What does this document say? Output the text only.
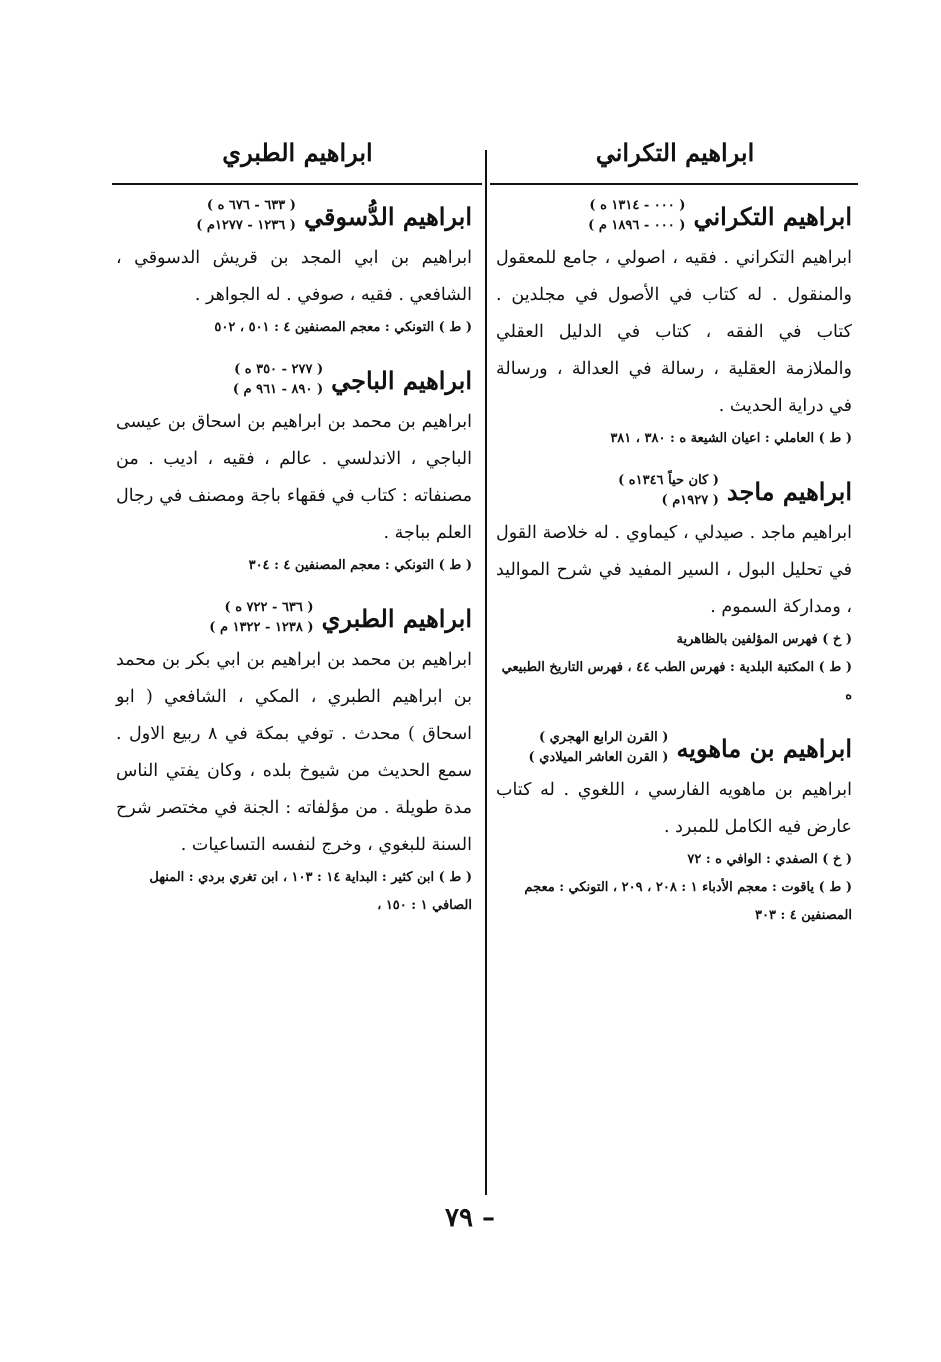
ابراهيم التكراني
ابراهيم الطبري
ابراهيم التكراني
( ٠٠٠ - ١٣١٤ ه )
( ٠٠٠ - ١٨٩٦ م )
ابراهيم التكراني . فقيه ، اصولي ، جامع للمعقول والمنقول . له كتاب في الأصول في مجلدين . كتاب في الفقه ، كتاب في الدليل العقلي والملازمة العقلية ، رسالة في العدالة ، ورسالة في دراية الحديث .
( ط ) العاملي : اعيان الشيعة ه : ٣٨٠ ، ٣٨١
ابراهيم ماجد
( كان حياً ١٣٤٦ه )
( ١٩٢٧م )
ابراهيم ماجد . صيدلي ، كيماوي . له خلاصة القول في تحليل البول ، السير المفيد في شرح المواليد ، ومداركة السموم .
( خ ) فهرس المؤلفين بالظاهرية
( ط ) المكتبة البلدية : فهرس الطب ٤٤ ، فهرس التاريخ الطبيعي ه
ابراهيم بن ماهويه
( القرن الرابع الهجري )
( القرن العاشر الميلادي )
ابراهيم بن ماهويه الفارسي ، اللغوي . له كتاب عارض فيه الكامل للمبرد .
( خ ) الصفدي : الوافي ه : ٧٢
( ط ) ياقوت : معجم الأدباء ١ : ٢٠٨ ، ٢٠٩ ، التونكي : معجم المصنفين ٤ : ٣٠٣
ابراهيم الدُّسوقي
( ٦٣٣ - ٦٧٦ ه )
( ١٢٣٦ - ١٢٧٧م )
ابراهيم بن ابي المجد بن قريش الدسوقي ، الشافعي . فقيه ، صوفي . له الجواهر .
( ط ) التونكي : معجم المصنفين ٤ : ٥٠١ ، ٥٠٢
ابراهيم الباجي
( ٢٧٧ - ٣٥٠ ه )
( ٨٩٠ - ٩٦١ م )
ابراهيم بن محمد بن ابراهيم بن اسحاق بن عيسى الباجي ، الاندلسي . عالم ، فقيه ، اديب . من مصنفاته : كتاب في فقهاء باجة ومصنف في رجال العلم بباجة .
( ط ) التونكي : معجم المصنفين ٤ : ٣٠٤
ابراهيم الطبري
( ٦٣٦ - ٧٢٢ ه )
( ١٢٣٨ - ١٣٢٢ م )
ابراهيم بن محمد بن ابراهيم بن ابي بكر بن محمد بن ابراهيم الطبري ، المكي ، الشافعي ( ابو اسحاق ) محدث . توفي بمكة في ٨ ربيع الاول . سمع الحديث من شيوخ بلده ، وكان يفتي الناس مدة طويلة . من مؤلفاته : الجنة في مختصر شرح السنة للبغوي ، وخرج لنفسه التساعيات .
( ط ) ابن كثير : البداية ١٤ : ١٠٣ ، ابن تغري بردي : المنهل الصافي ١ : ١٥٠ ،
– ٧٩
